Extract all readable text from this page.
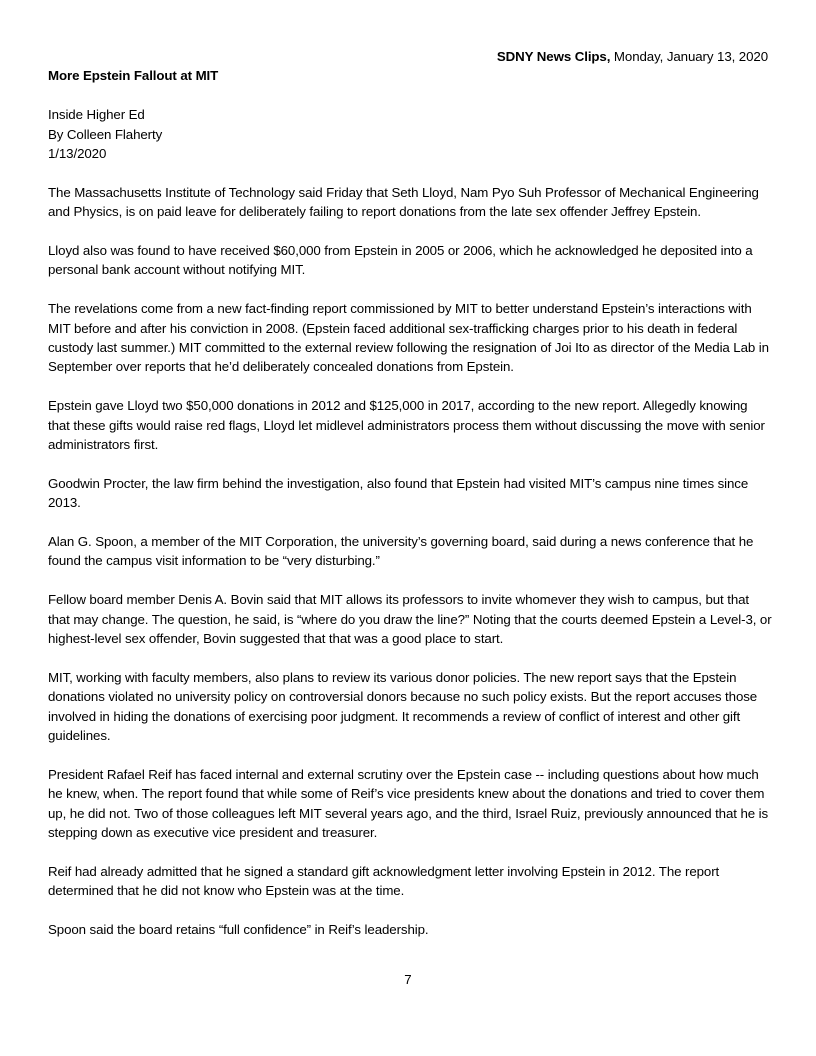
SDNY News Clips, Monday, January 13, 2020

More Epstein Fallout at MIT

Inside Higher Ed
By Colleen Flaherty
1/13/2020

The Massachusetts Institute of Technology said Friday that Seth Lloyd, Nam Pyo Suh Professor of Mechanical Engineering and Physics, is on paid leave for deliberately failing to report donations from the late sex offender Jeffrey Epstein.

Lloyd also was found to have received $60,000 from Epstein in 2005 or 2006, which he acknowledged he deposited into a personal bank account without notifying MIT.

The revelations come from a new fact-finding report commissioned by MIT to better understand Epstein’s interactions with MIT before and after his conviction in 2008. (Epstein faced additional sex-trafficking charges prior to his death in federal custody last summer.) MIT committed to the external review following the resignation of Joi Ito as director of the Media Lab in September over reports that he’d deliberately concealed donations from Epstein.

Epstein gave Lloyd two $50,000 donations in 2012 and $125,000 in 2017, according to the new report. Allegedly knowing that these gifts would raise red flags, Lloyd let midlevel administrators process them without discussing the move with senior administrators first.

Goodwin Procter, the law firm behind the investigation, also found that Epstein had visited MIT’s campus nine times since 2013.

Alan G. Spoon, a member of the MIT Corporation, the university’s governing board, said during a news conference that he found the campus visit information to be “very disturbing.”

Fellow board member Denis A. Bovin said that MIT allows its professors to invite whomever they wish to campus, but that that may change. The question, he said, is “where do you draw the line?” Noting that the courts deemed Epstein a Level-3, or highest-level sex offender, Bovin suggested that that was a good place to start.

MIT, working with faculty members, also plans to review its various donor policies. The new report says that the Epstein donations violated no university policy on controversial donors because no such policy exists. But the report accuses those involved in hiding the donations of exercising poor judgment. It recommends a review of conflict of interest and other gift guidelines.

President Rafael Reif has faced internal and external scrutiny over the Epstein case -- including questions about how much he knew, when. The report found that while some of Reif’s vice presidents knew about the donations and tried to cover them up, he did not. Two of those colleagues left MIT several years ago, and the third, Israel Ruiz, previously announced that he is stepping down as executive vice president and treasurer.

Reif had already admitted that he signed a standard gift acknowledgment letter involving Epstein in 2012. The report determined that he did not know who Epstein was at the time.

Spoon said the board retains “full confidence” in Reif’s leadership.

7
